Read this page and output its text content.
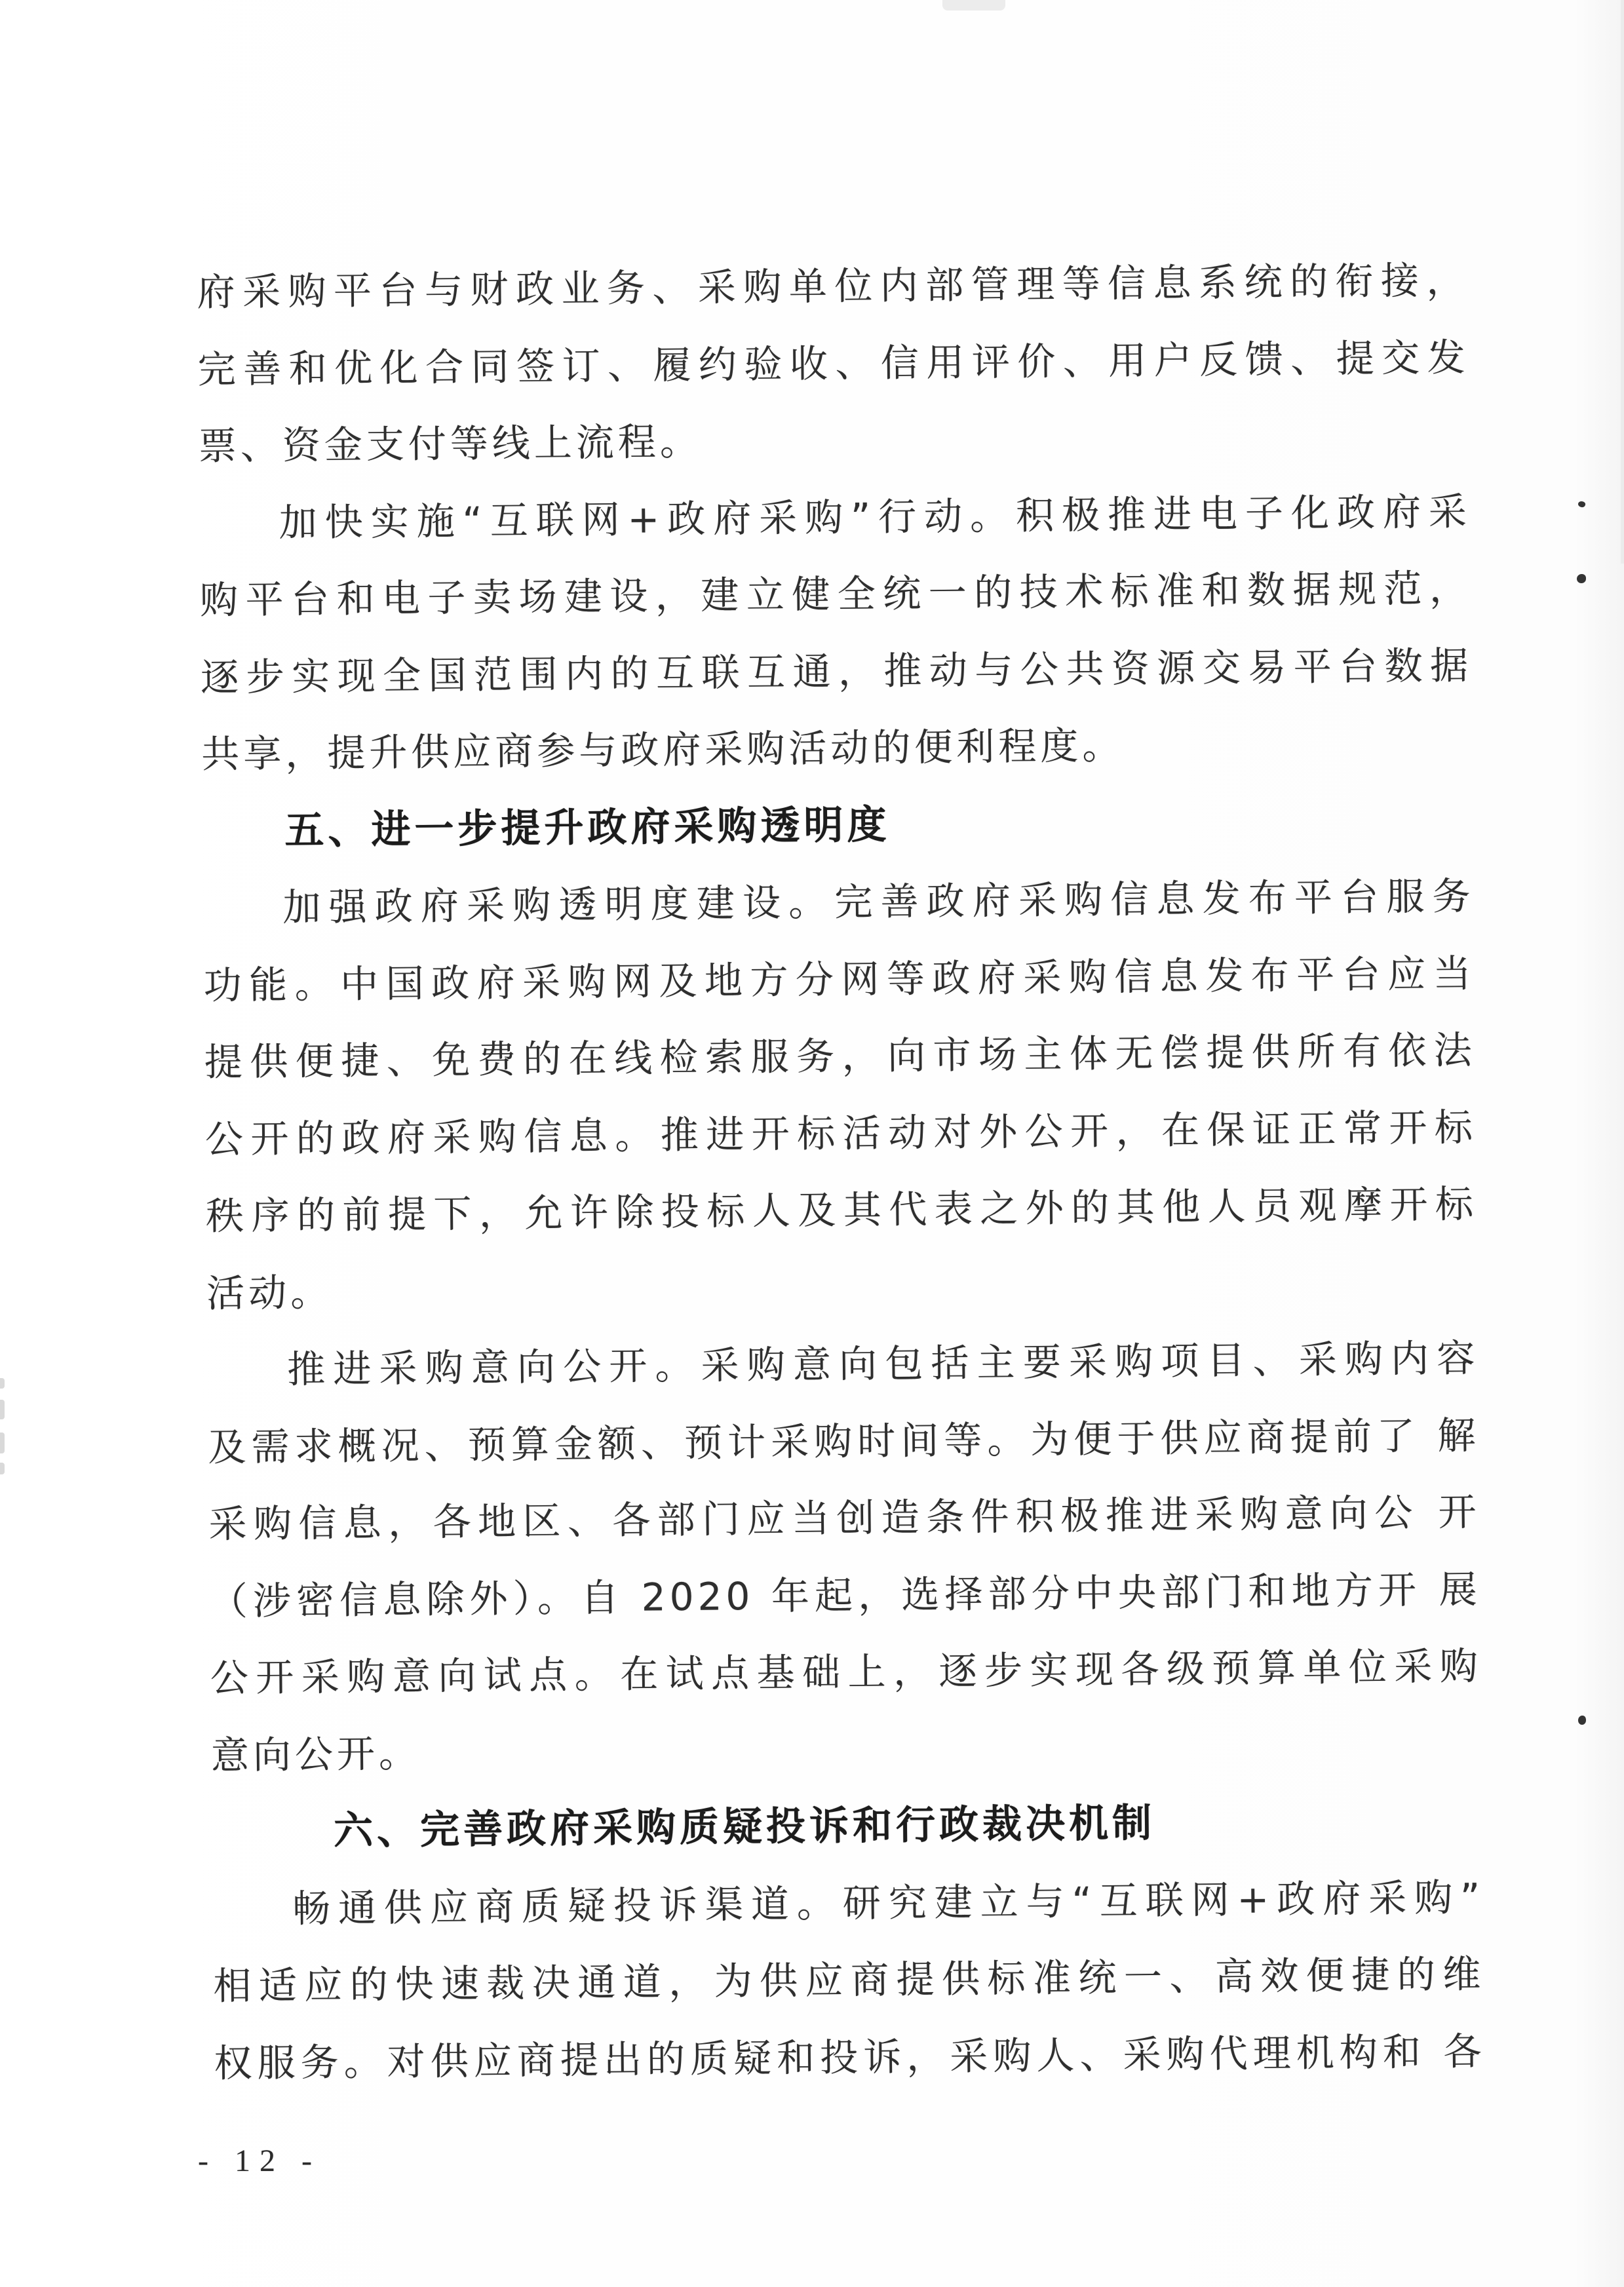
府采购平台与财政业务、采购单位内部管理等信息系统的衔接，
完善和优化合同签订、履约验收、信用评价、用户反馈、提交发
票、资金支付等线上流程。
加快实施“互联网+政府采购”行动。积极推进电子化政府采
购平台和电子卖场建设，建立健全统一的技术标准和数据规范，
逐步实现全国范围内的互联互通，推动与公共资源交易平台数据
共享，提升供应商参与政府采购活动的便利程度。
五、进一步提升政府采购透明度
加强政府采购透明度建设。完善政府采购信息发布平台服务
功能。中国政府采购网及地方分网等政府采购信息发布平台应当
提供便捷、免费的在线检索服务，向市场主体无偿提供所有依法
公开的政府采购信息。推进开标活动对外公开，在保证正常开标
秩序的前提下，允许除投标人及其代表之外的其他人员观摩开标
活动。
推进采购意向公开。采购意向包括主要采购项目、采购内容
及需求概况、预算金额、预计采购时间等。为便于供应商提前了 解
采购信息，各地区、各部门应当创造条件积极推进采购意向公 开
（涉密信息除外）。自 2020 年起，选择部分中央部门和地方开 展
公开采购意向试点。在试点基础上，逐步实现各级预算单位采购
意向公开。
六、完善政府采购质疑投诉和行政裁决机制
畅通供应商质疑投诉渠道。研究建立与“互联网+政府采购”
相适应的快速裁决通道，为供应商提供标准统一、高效便捷的维
权服务。对供应商提出的质疑和投诉，采购人、采购代理机构和 各
- 12 -
